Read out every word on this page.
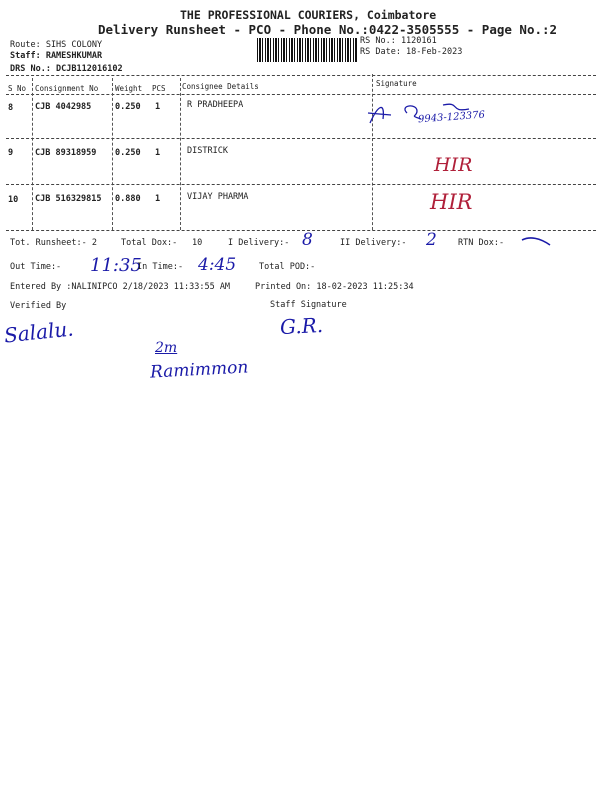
THE PROFESSIONAL COURIERS, Coimbatore
Delivery Runsheet - PCO - Phone No.:0422-3505555 - Page No.:2
Route: SIHS COLONY
Staff: RAMESHKUMAR
DRS No.: DCJB112016102
RS No.: 1120161
RS Date: 18-Feb-2023
S No Consignment No Weight PCS Consignee Details	Signature
8	CJB 4042985	0.250 1	R PRADHEEPA
9943-123376
9	CJB 89318959 0.250 1	DISTRICK
HIR
10 CJB 516329815 0.880 1	VIJAY PHARMA	HIR
Tot. Runsheet:- 2	Total Dox:- 10	I Delivery:- 8	II Delivery:- 2 RTN Dox:-
Out Time:- 11:35
In Time:- 4:45	Total POD:-
Entered By :NALINIPCO 2/18/2023 11:33:55 AM	Printed On: 18-02-2023 11:25:34
Verified By	Staff Signature
Salalu.	G.R.
2m
Ramimmon
